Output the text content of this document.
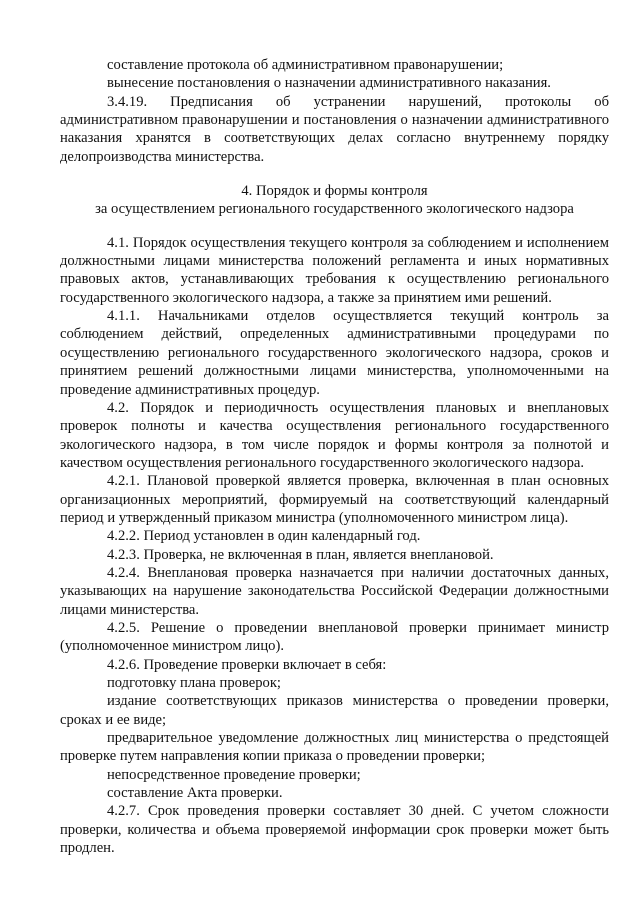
составление протокола об административном правонарушении;

вынесение постановления о назначении административного наказания.

3.4.19. Предписания об устранении нарушений, протоколы об административном правонарушении и постановления о назначении административного наказания хранятся в соответствующих делах согласно внутреннему порядку делопроизводства министерства.

4. Порядок и формы контроля

за осуществлением регионального государственного экологического надзора

4.1. Порядок осуществления текущего контроля за соблюдением и исполнением должностными лицами министерства положений регламента и иных нормативных правовых актов, устанавливающих требования к осуществлению регионального государственного экологического надзора, а также за принятием ими решений.

4.1.1. Начальниками отделов осуществляется текущий контроль за соблюдением действий, определенных административными процедурами по осуществлению регионального государственного экологического надзора, сроков и принятием решений должностными лицами министерства, уполномоченными на проведение административных процедур.

4.2. Порядок и периодичность осуществления плановых и внеплановых проверок полноты и качества осуществления регионального государственного экологического надзора, в том числе порядок и формы контроля за полнотой и качеством осуществления регионального государственного экологического надзора.

4.2.1. Плановой проверкой является проверка, включенная в план основных организационных мероприятий, формируемый на соответствующий календарный период и утвержденный приказом министра (уполномоченного министром лица).

4.2.2. Период установлен в один календарный год.

4.2.3. Проверка, не включенная в план, является внеплановой.

4.2.4. Внеплановая проверка назначается при наличии достаточных данных, указывающих на нарушение законодательства Российской Федерации должностными лицами министерства.

4.2.5. Решение о проведении внеплановой проверки принимает министр (уполномоченное министром лицо).

4.2.6. Проведение проверки включает в себя:

подготовку плана проверок;

издание соответствующих приказов министерства о проведении проверки, сроках и ее виде;

предварительное уведомление должностных лиц министерства о предстоящей проверке путем направления копии приказа о проведении проверки;

непосредственное проведение проверки;

составление Акта проверки.

4.2.7. Срок проведения проверки составляет 30 дней. С учетом сложности проверки, количества и объема проверяемой информации срок проверки может быть продлен.
